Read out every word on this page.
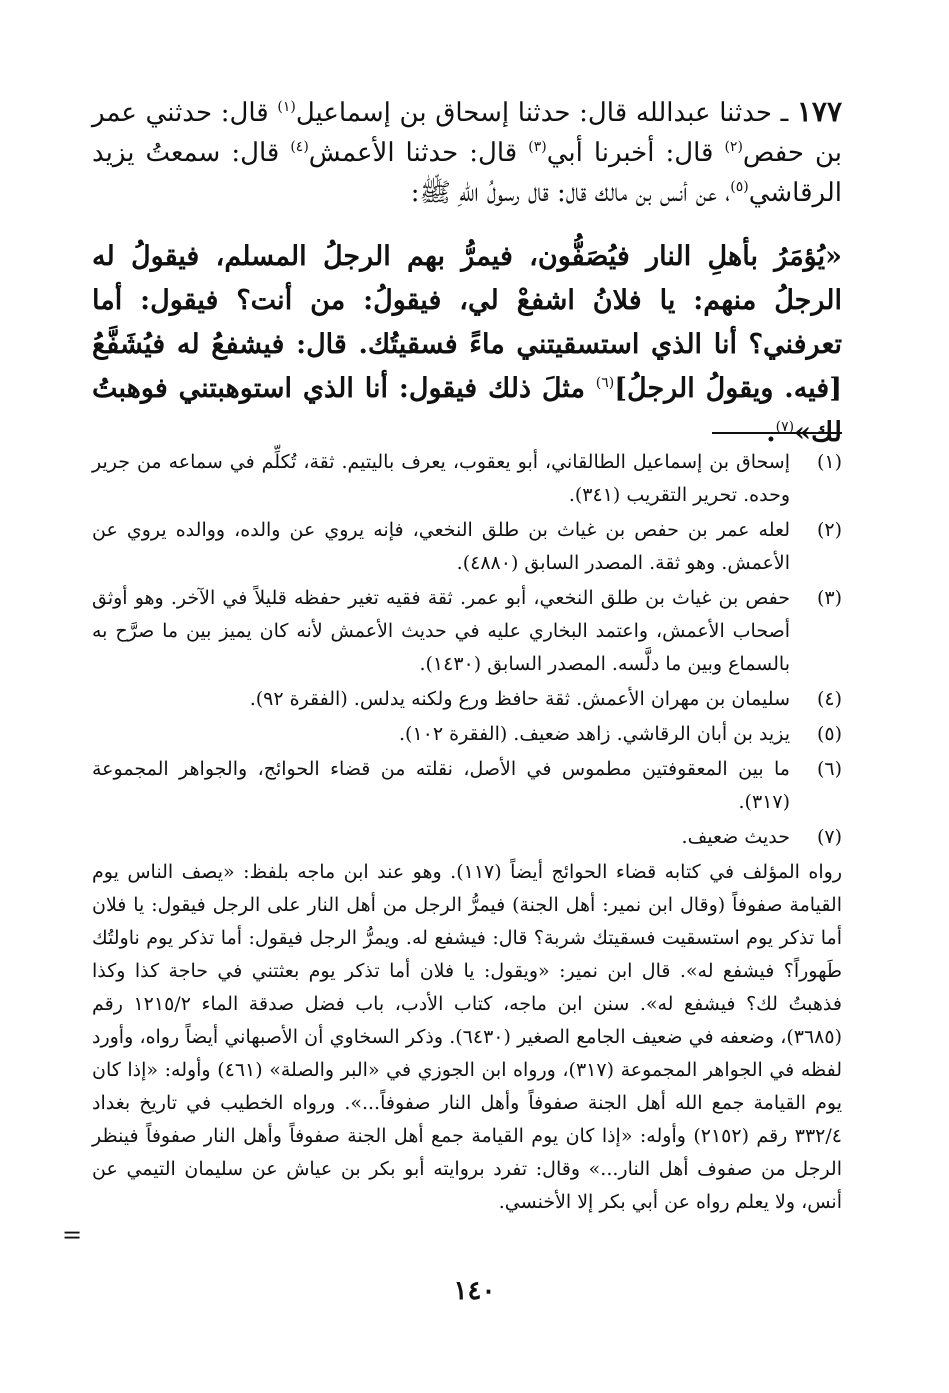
١٧٧ ـ حدثنا عبدالله قال: حدثنا إسحاق بن إسماعيل$^{(١)}$ قال: حدثني عمر بن حفص$^{(٢)}$ قال: أخبرنا أبي$^{(٣)}$ قال: حدثنا الأعمش$^{(٤)}$ قال: سمعتُ يزيد الرقاشي$^{(٥)}$، عن أنس بن مالك قال: قال رسولُ اللهِ ﷺ:
«يُؤمَرُ بأهلِ النار فيُصَفُّون، فيمرُّ بهم الرجلُ المسلم، فيقولُ له الرجلُ منهم: يا فلانُ اشفعْ لي، فيقولُ: من أنت؟ فيقول: أما تعرفني؟ أنا الذي استسقيتني ماءً فسقيتُك. قال: فيشفعُ له فيُشَفَّعُ [فيه. ويقولُ الرجلُ]$^{(٦)}$ مثلَ ذلك فيقول: أنا الذي استوهبتني فوهبتُ لك»$^{(٧)}$.
(١)
إسحاق بن إسماعيل الطالقاني، أبو يعقوب، يعرف باليتيم. ثقة، تُكلِّم في سماعه من جرير وحده. تحرير التقريب (٣٤١).
(٢)
لعله عمر بن حفص بن غياث بن طلق النخعي، فإنه يروي عن والده، ووالده يروي عن الأعمش. وهو ثقة. المصدر السابق (٤٨٨٠).
(٣)
حفص بن غياث بن طلق النخعي، أبو عمر. ثقة فقيه تغير حفظه قليلاً في الآخر. وهو أوثق أصحاب الأعمش، واعتمد البخاري عليه في حديث الأعمش لأنه كان يميز بين ما صرَّح به بالسماع وبين ما دلَّسه. المصدر السابق (١٤٣٠).
(٤)
سليمان بن مهران الأعمش. ثقة حافظ ورع ولكنه يدلس. (الفقرة ٩٢).
(٥)
يزيد بن أبان الرقاشي. زاهد ضعيف. (الفقرة ١٠٢).
(٦)
ما بين المعقوفتين مطموس في الأصل، نقلته من قضاء الحوائج، والجواهر المجموعة (٣١٧).
(٧)
حديث ضعيف.
رواه المؤلف في كتابه قضاء الحوائج أيضاً (١١٧). وهو عند ابن ماجه بلفظ: «يصف الناس يوم القيامة صفوفاً (وقال ابن نمير: أهل الجنة) فيمرُّ الرجل من أهل النار على الرجل فيقول: يا فلان أما تذكر يوم استسقيت فسقيتك شربة؟ قال: فيشفع له. ويمرُّ الرجل فيقول: أما تذكر يوم ناولتُك طَهوراً؟ فيشفع له». قال ابن نمير: «ويقول: يا فلان أما تذكر يوم بعثتني في حاجة كذا وكذا فذهبتُ لك؟ فيشفع له». سنن ابن ماجه، كتاب الأدب، باب فضل صدقة الماء ١٢١٥/٢ رقم (٣٦٨٥)، وضعفه في ضعيف الجامع الصغير (٦٤٣٠). وذكر السخاوي أن الأصبهاني أيضاً رواه، وأورد لفظه في الجواهر المجموعة (٣١٧)، ورواه ابن الجوزي في «البر والصلة» (٤٦١) وأوله: «إذا كان يوم القيامة جمع الله أهل الجنة صفوفاً وأهل النار صفوفاً...». ورواه الخطيب في تاريخ بغداد ٣٣٢/٤ رقم (٢١٥٢) وأوله: «إذا كان يوم القيامة جمع أهل الجنة صفوفاً وأهل النار صفوفاً فينظر الرجل من صفوف أهل النار...» وقال: تفرد بروايته أبو بكر بن عياش عن سليمان التيمي عن أنس، ولا يعلم رواه عن أبي بكر إلا الأخنسي.
=
١٤٠
